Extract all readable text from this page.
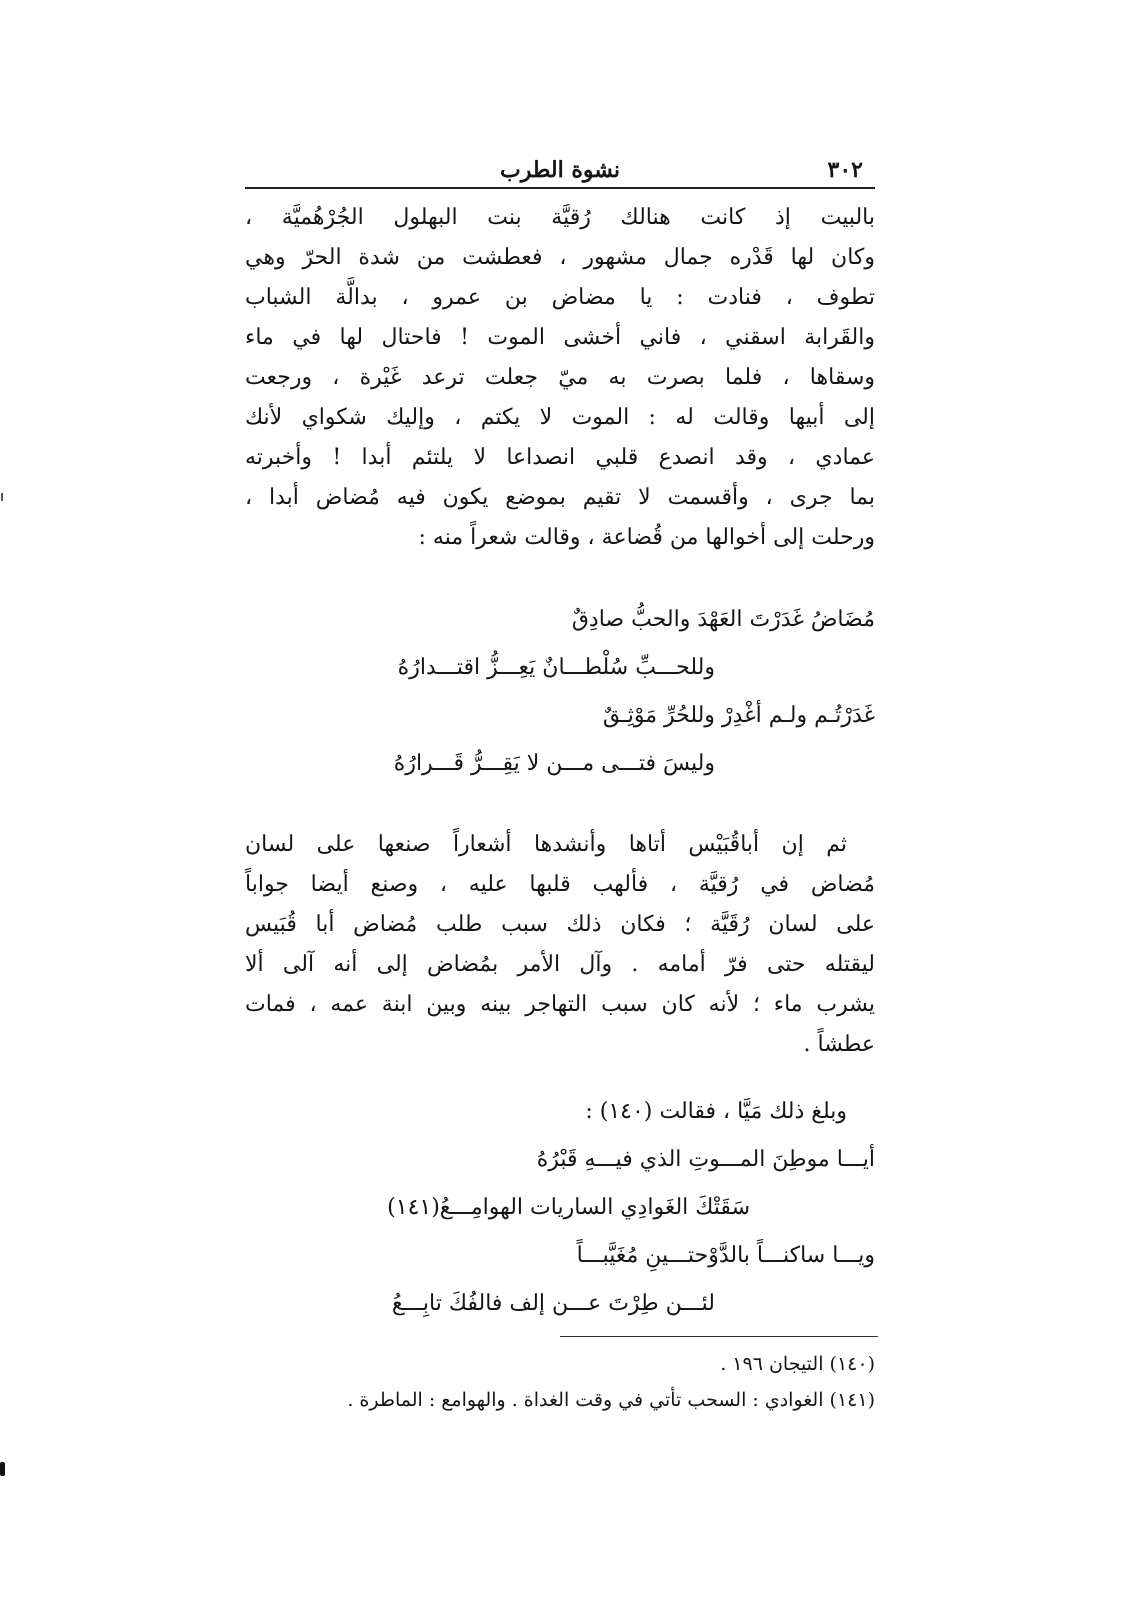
٣٠٢
نشوة الطرب
بالبيت إذ كانت هنالك رُقيَّة بنت البهلول الجُرْهُميَّة ،
وكان لها قَدْره جمال مشهور ، فعطشت من شدة الحرّ وهي
تطوف ، فنادت : يا مضاض بن عمرو ، بدالَّة الشباب
والقَرابة اسقني ، فاني أخشى الموت ! فاحتال لها في ماء
وسقاها ، فلما بصرت به ميّ جعلت ترعد غَيْرة ، ورجعت
إلى أبيها وقالت له : الموت لا يكتم ، وإليك شكواي لأنك
عمادي ، وقد انصدع قلبي انصداعا لا يلتئم أبدا ! وأخبرته
بما جرى ، وأقسمت لا تقيم بموضع يكون فيه مُضاض أبدا ،
ورحلت إلى أخوالها من قُضاعة ، وقالت شعراً منه :
مُضَاضُ غَدَرْتَ العَهْدَ والحبُّ صادِقٌ
وللحـــبِّ سُلْطـــانٌ يَعِـــزُّ اقتـــدارُهُ
غَدَرْتُـم ولـم أغْدِرْ وللحُرِّ مَوْثِـقٌ
وليسَ فتـــى مـــن لا يَقِـــرُّ قَـــرارُهُ
ثم إن أباقُبَيْس أتاها وأنشدها أشعاراً صنعها على لسان
مُضاض في رُقيَّة ، فألهب قلبها عليه ، وصنع أيضا جواباً
على لسان رُقَيَّة ؛ فكان ذلك سبب طلب مُضاض أبا قُبَيس
ليقتله حتى فرّ أمامه . وآل الأمر بمُضاض إلى أنه آلى ألا
يشرب ماء ؛ لأنه كان سبب التهاجر بينه وبين ابنة عمه ، فمات
عطشاً .
وبلغ ذلك مَيَّا ، فقالت (١٤٠) :
أيـــا موطِنَ المـــوتِ الذي فيـــهِ قَبْرُهُ
سَقَتْكَ الغَوادِي الساريات الهوامِـــعُ(١٤١)
ويـــا ساكنـــاً بالدَّوْحتـــينِ مُغَيَّبـــاً
لئـــن طِرْتَ عـــن إلف فالفُكَ تابِـــعُ
(١٤٠) التيجان ١٩٦ .
(١٤١) الغوادي : السحب تأتي في وقت الغداة . والهوامع : الماطرة .
